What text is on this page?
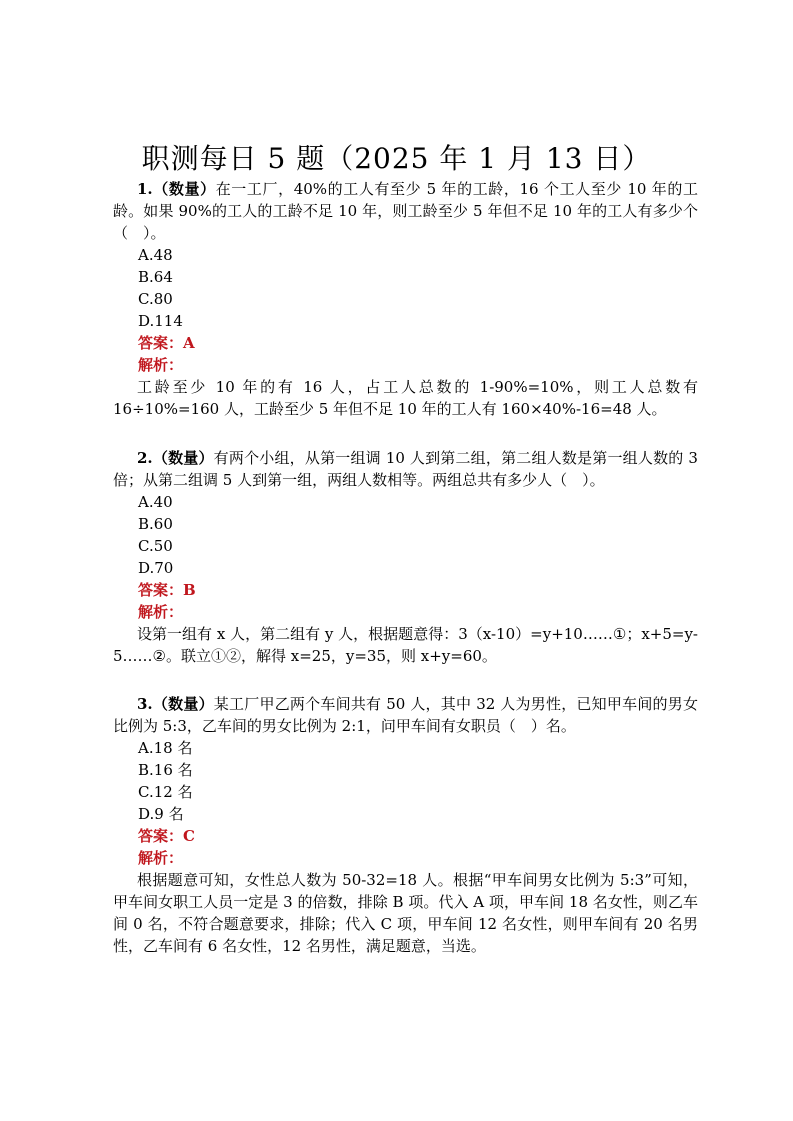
职测每日 5 题（2025 年 1 月 13 日）

1.（数量）在一工厂，40%的工人有至少 5 年的工龄，16 个工人至少 10 年的工龄。如果 90%的工人的工龄不足 10 年，则工龄至少 5 年但不足 10 年的工人有多少个（　）。

A.48

B.64

C.80

D.114

答案：A

解析：

工龄至少 10 年的有 16 人，占工人总数的 1-90%=10%，则工人总数有 16÷10%=160 人，工龄至少 5 年但不足 10 年的工人有 160×40%-16=48 人。

2.（数量）有两个小组，从第一组调 10 人到第二组，第二组人数是第一组人数的 3 倍；从第二组调 5 人到第一组，两组人数相等。两组总共有多少人（　）。

A.40

B.60

C.50

D.70

答案：B

解析：

设第一组有 x 人，第二组有 y 人，根据题意得：3（x-10）=y+10……①；x+5=y-5……②。联立①②，解得 x=25，y=35，则 x+y=60。

3.（数量）某工厂甲乙两个车间共有 50 人，其中 32 人为男性，已知甲车间的男女比例为 5:3，乙车间的男女比例为 2:1，问甲车间有女职员（　）名。

A.18 名

B.16 名

C.12 名

D.9 名

答案：C

解析：

根据题意可知，女性总人数为 50-32=18 人。根据“甲车间男女比例为 5:3”可知，甲车间女职工人员一定是 3 的倍数，排除 B 项。代入 A 项，甲车间 18 名女性，则乙车间 0 名，不符合题意要求，排除；代入 C 项，甲车间 12 名女性，则甲车间有 20 名男性，乙车间有 6 名女性，12 名男性，满足题意，当选。
